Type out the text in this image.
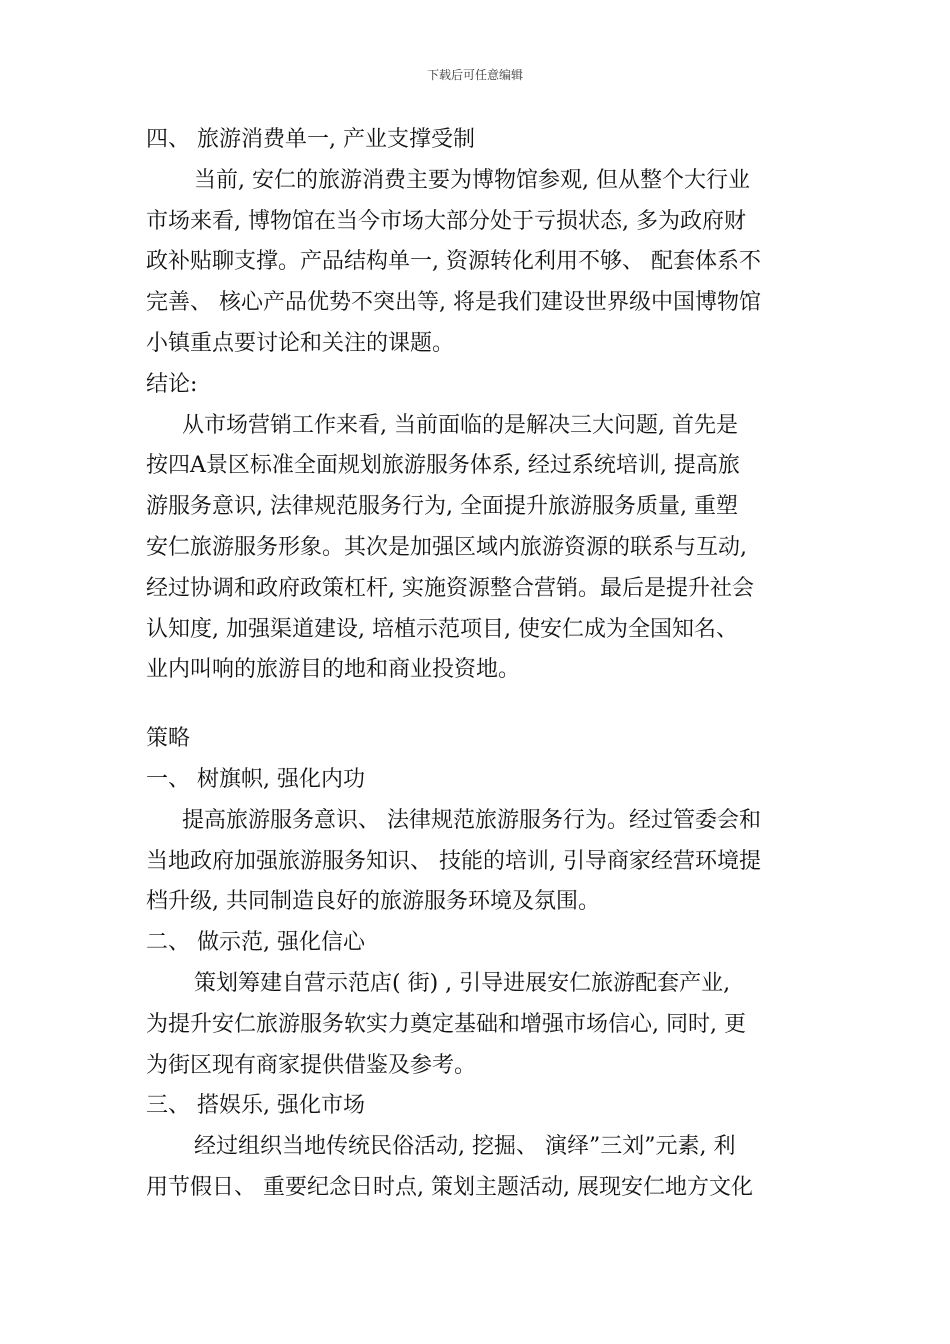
下载后可任意编辑
四、 旅游消费单一, 产业支撑受制
当前, 安仁的旅游消费主要为博物馆参观, 但从整个大行业
市场来看, 博物馆在当今市场大部分处于亏损状态, 多为政府财
政补贴聊支撑。产品结构单一, 资源转化利用不够、 配套体系不
完善、 核心产品优势不突出等, 将是我们建设世界级中国博物馆
小镇重点要讨论和关注的课题。
结论:
从市场营销工作来看, 当前面临的是解决三大问题, 首先是
按四A景区标准全面规划旅游服务体系, 经过系统培训, 提高旅
游服务意识, 法律规范服务行为, 全面提升旅游服务质量, 重塑
安仁旅游服务形象。其次是加强区域内旅游资源的联系与互动,
经过协调和政府政策杠杆, 实施资源整合营销。最后是提升社会
认知度, 加强渠道建设, 培植示范项目, 使安仁成为全国知名、
业内叫响的旅游目的地和商业投资地。
策略
一、 树旗帜, 强化内功
提高旅游服务意识、 法律规范旅游服务行为。经过管委会和
当地政府加强旅游服务知识、 技能的培训, 引导商家经营环境提
档升级, 共同制造良好的旅游服务环境及氛围。
二、 做示范, 强化信心
策划筹建自营示范店( 街) , 引导进展安仁旅游配套产业,
为提升安仁旅游服务软实力奠定基础和增强市场信心, 同时, 更
为街区现有商家提供借鉴及参考。
三、 搭娱乐, 强化市场
经过组织当地传统民俗活动, 挖掘、 演绎”三刘”元素, 利
用节假日、 重要纪念日时点, 策划主题活动, 展现安仁地方文化
